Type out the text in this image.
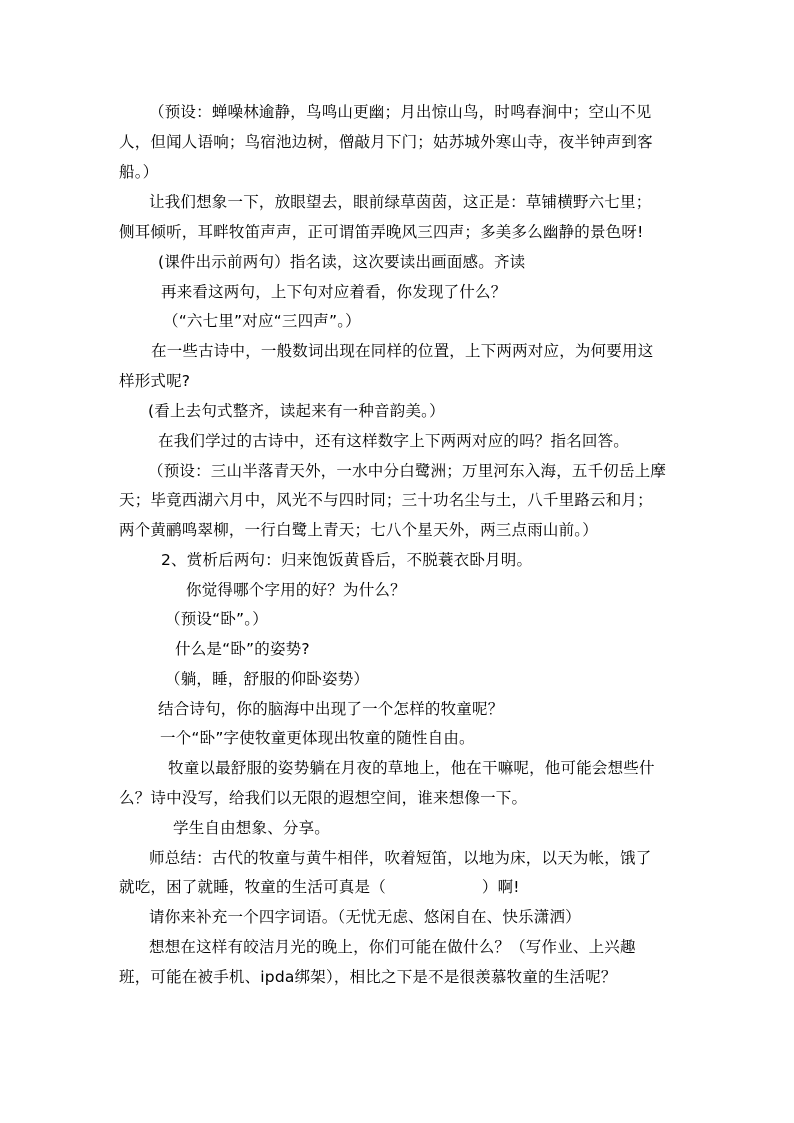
（预设：蝉噪林逾静，鸟鸣山更幽；月出惊山鸟，时鸣春涧中；空山不见
人，但闻人语响；鸟宿池边树，僧敲月下门；姑苏城外寒山寺，夜半钟声到客
船。）
让我们想象一下，放眼望去，眼前绿草茵茵，这正是：草铺横野六七里；
侧耳倾听，耳畔牧笛声声，正可谓笛弄晚风三四声；多美多么幽静的景色呀!
(课件出示前两句）指名读，这次要读出画面感。齐读
再来看这两句，上下句对应着看，你发现了什么？
（“六七里”对应“三四声”。）
在一些古诗中，一般数词出现在同样的位置，上下两两对应，为何要用这
样形式呢?
(看上去句式整齐，读起来有一种音韵美。）
在我们学过的古诗中，还有这样数字上下两两对应的吗？指名回答。
（预设：三山半落青天外，一水中分白鹭洲；万里河东入海，五千仞岳上摩
天；毕竟西湖六月中，风光不与四时同；三十功名尘与土，八千里路云和月；
两个黄鹂鸣翠柳，一行白鹭上青天；七八个星天外，两三点雨山前。）
2、赏析后两句：归来饱饭黄昏后，不脱蓑衣卧月明。
你觉得哪个字用的好？为什么？
（预设“卧”。）
什么是“卧”的姿势?
（躺，睡，舒服的仰卧姿势）
结合诗句，你的脑海中出现了一个怎样的牧童呢？
一个“卧”字使牧童更体现出牧童的随性自由。
牧童以最舒服的姿势躺在月夜的草地上，他在干嘛呢，他可能会想些什
么？诗中没写，给我们以无限的遐想空间，谁来想像一下。
学生自由想象、分享。
师总结：古代的牧童与黄牛相伴，吹着短笛，以地为床，以天为帐，饿了
就吃，困了就睡，牧童的生活可真是（	）啊!
请你来补充一个四字词语。（无忧无虑、悠闲自在、快乐潇洒）
想想在这样有皎洁月光的晚上，你们可能在做什么？（写作业、上兴趣
班，可能在被手机、ipda绑架），相比之下是不是很羡慕牧童的生活呢？
